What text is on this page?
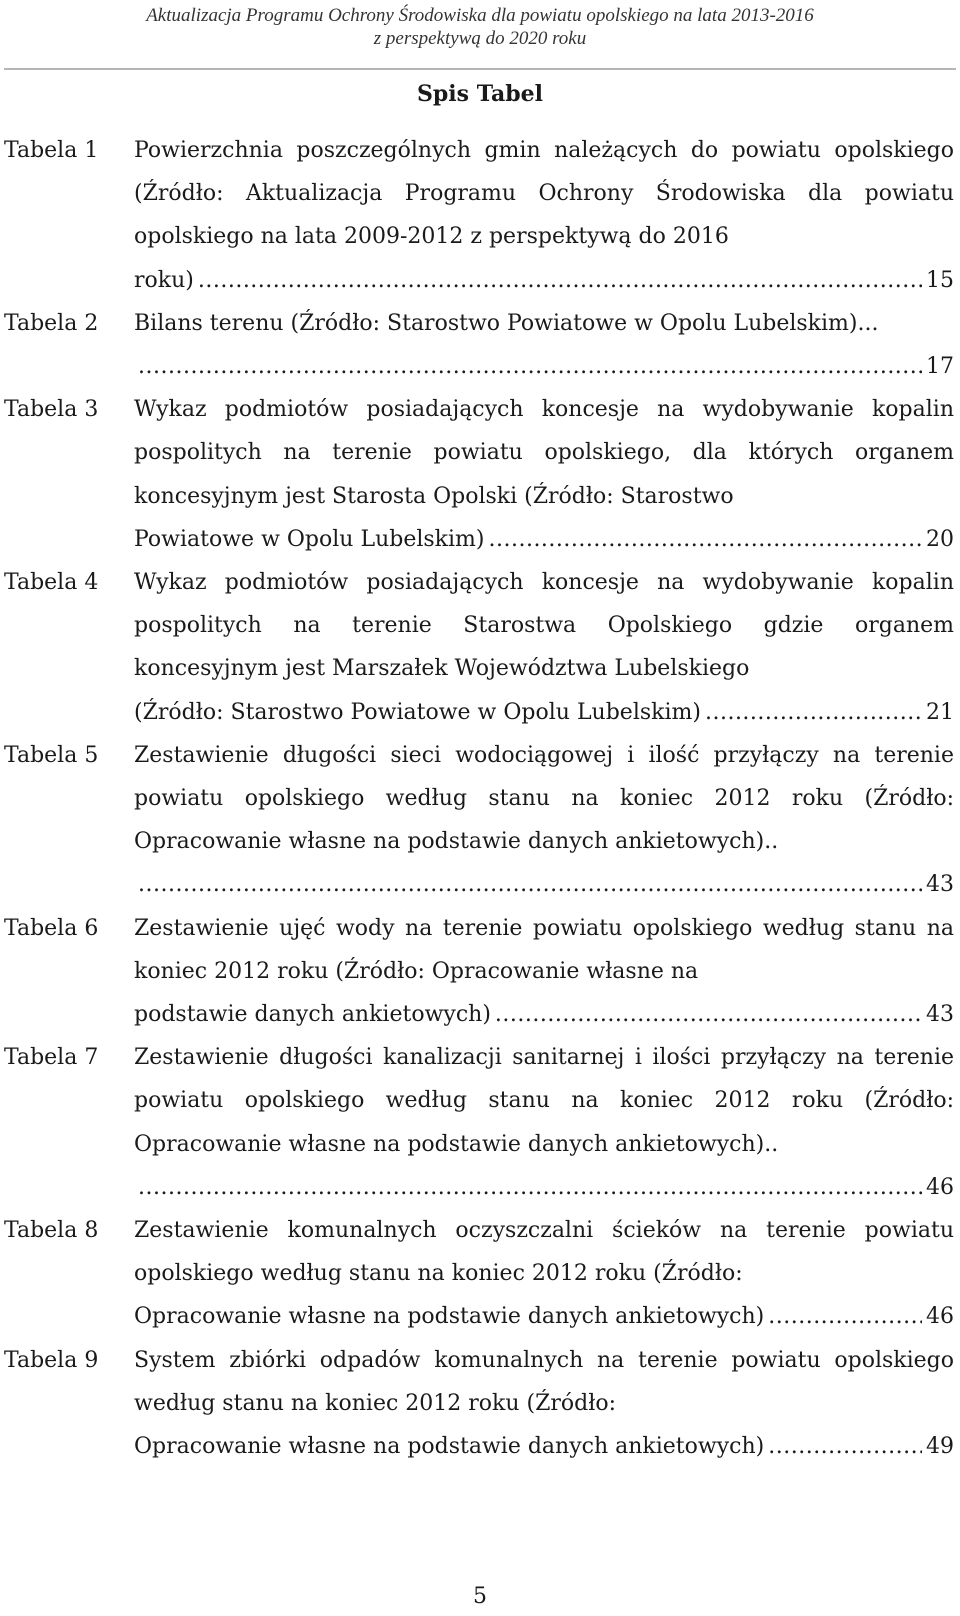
Aktualizacja Programu Ochrony Środowiska dla powiatu opolskiego na lata 2013-2016
z perspektywą do 2020 roku
Spis Tabel
Tabela 1	Powierzchnia poszczególnych gmin należących do powiatu opolskiego (Źródło: Aktualizacja Programu Ochrony Środowiska dla powiatu opolskiego na lata 2009-2012 z perspektywą do 2016
roku) .....	15
Tabela 2	Bilans terenu (Źródło: Starostwo Powiatowe w Opolu Lubelskim)...
.....
17
Tabela 3	Wykaz podmiotów posiadających koncesje na wydobywanie kopalin pospolitych na terenie powiatu opolskiego, dla których organem koncesyjnym jest Starosta Opolski (Źródło: Starostwo
Powiatowe w Opolu Lubelskim) .....	20
Tabela 4	Wykaz podmiotów posiadających koncesje na wydobywanie kopalin pospolitych na terenie Starostwa Opolskiego gdzie organem koncesyjnym jest Marszałek Województwa Lubelskiego
(Źródło: Starostwo Powiatowe w Opolu Lubelskim) .....	21
Tabela 5	Zestawienie długości sieci wodociągowej i ilość przyłączy na terenie powiatu opolskiego według stanu na koniec 2012 roku (Źródło: Opracowanie własne na podstawie danych ankietowych)..
.....
43
Tabela 6	Zestawienie ujęć wody na terenie powiatu opolskiego według stanu na koniec 2012 roku (Źródło: Opracowanie własne na
podstawie danych ankietowych) .....	43
Tabela 7	Zestawienie długości kanalizacji sanitarnej i ilości przyłączy na terenie powiatu opolskiego według stanu na koniec 2012 roku (Źródło: Opracowanie własne na podstawie danych ankietowych)..
.....
46
Tabela 8	Zestawienie komunalnych oczyszczalni ścieków na terenie powiatu opolskiego według stanu na koniec 2012 roku (Źródło:
Opracowanie własne na podstawie danych ankietowych) .....	46
Tabela 9	System zbiórki odpadów komunalnych na terenie powiatu opolskiego według stanu na koniec 2012 roku (Źródło:
Opracowanie własne na podstawie danych ankietowych) .....	49
5
